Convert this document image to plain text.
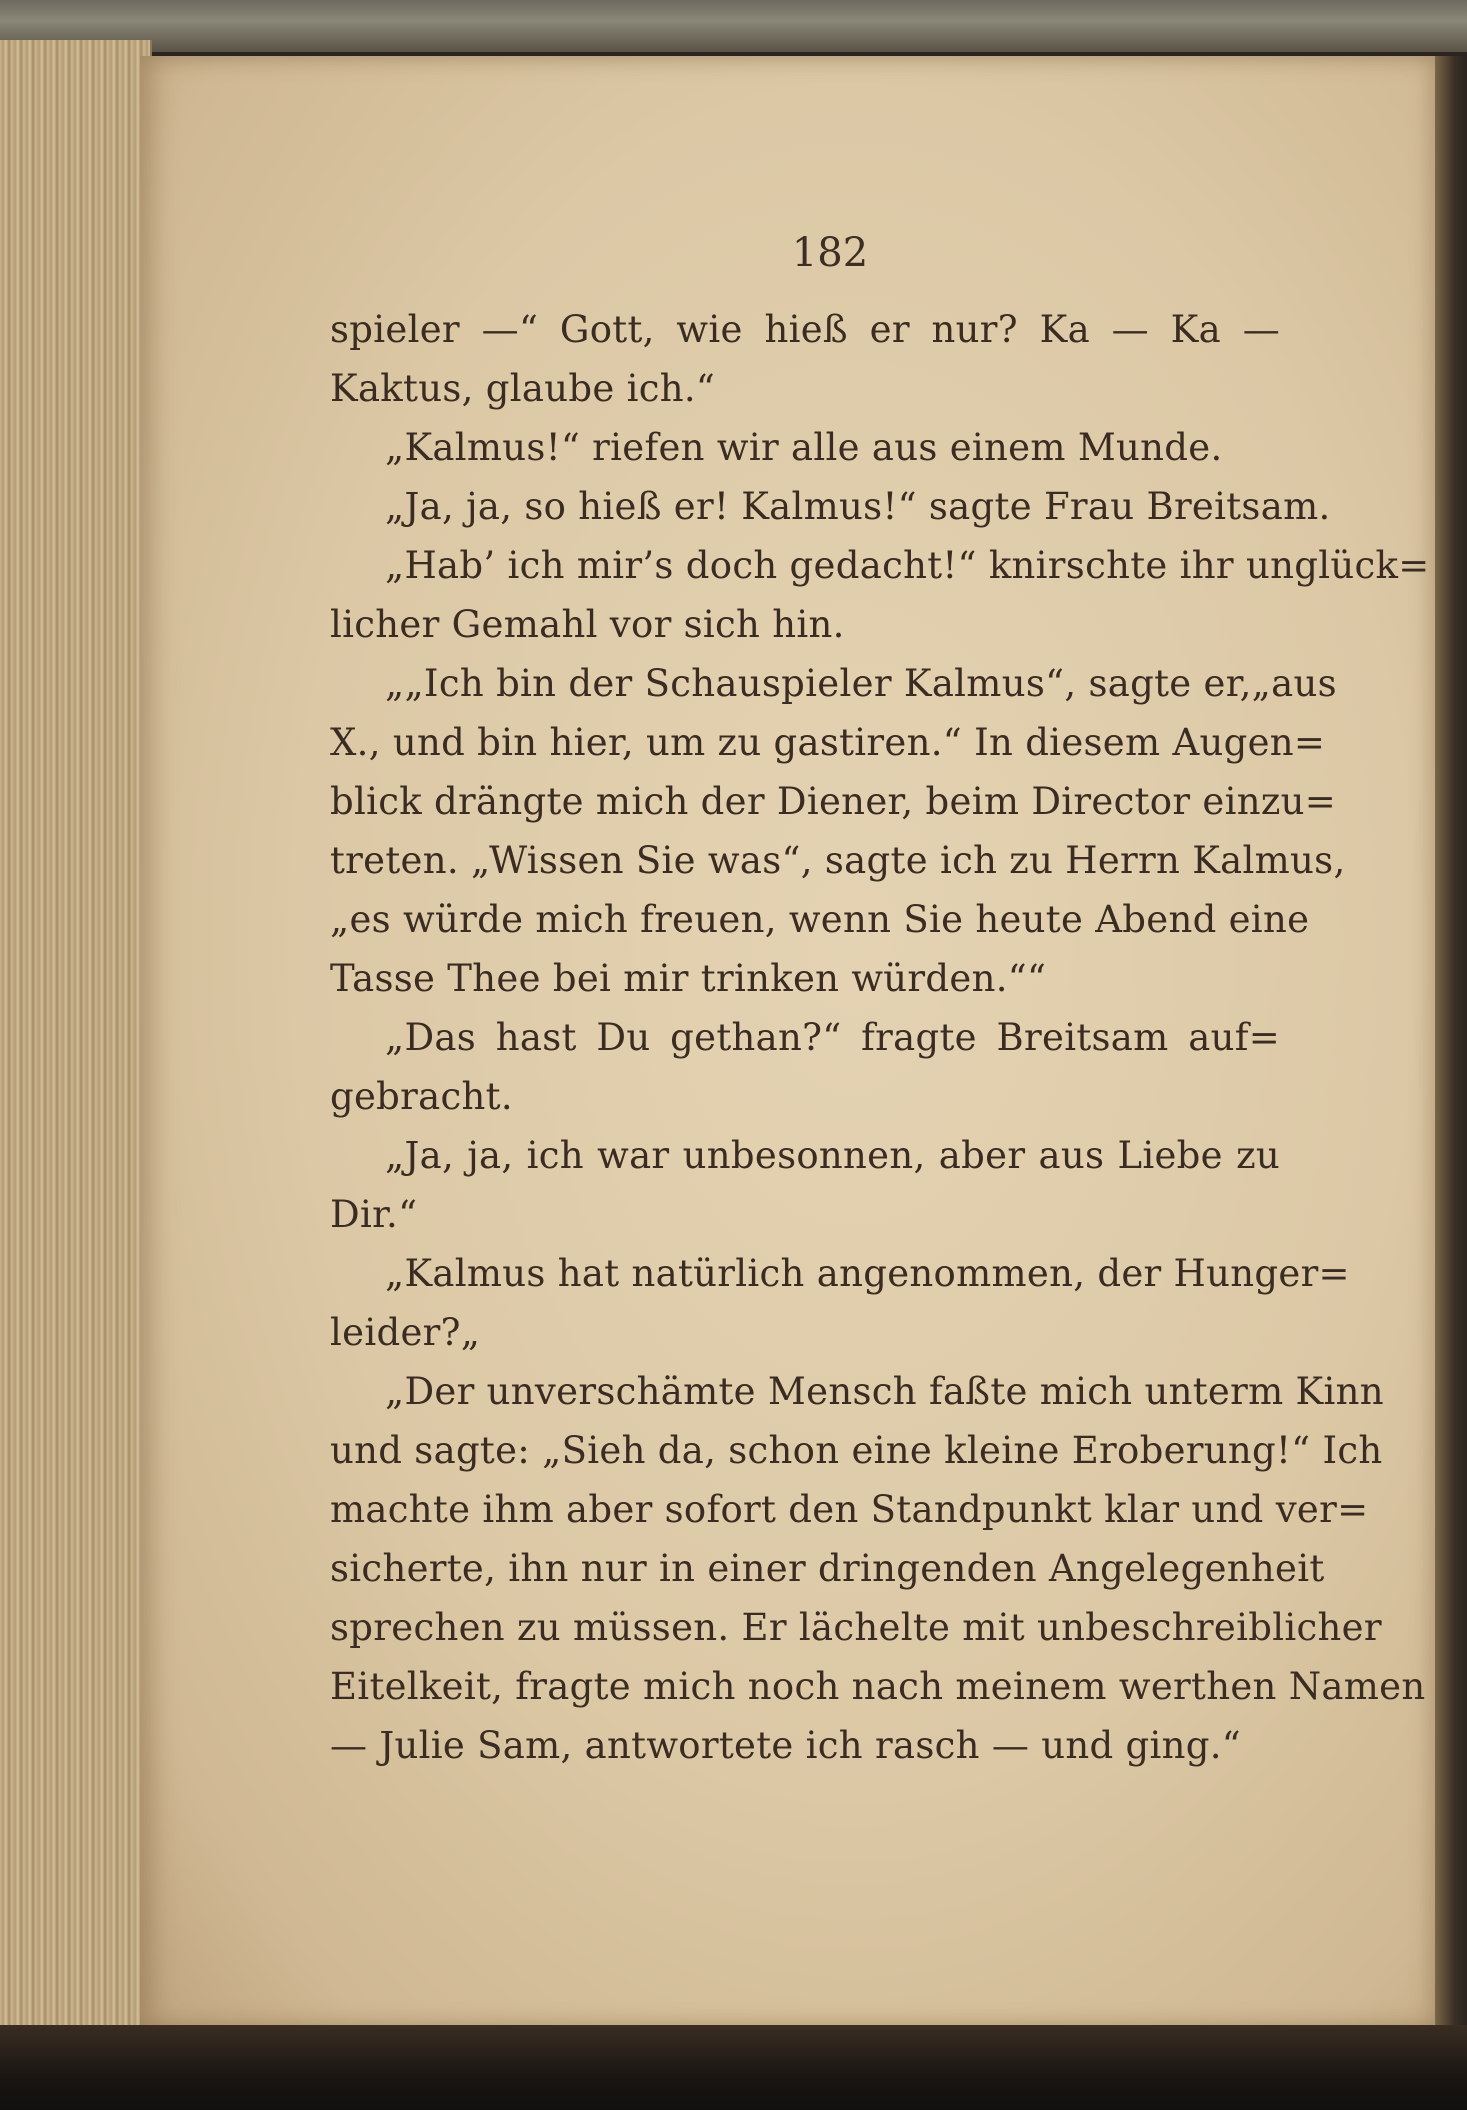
182
spieler —“ Gott, wie hieß er nur? Ka — Ka —
Kaktus, glaube ich.“
„Kalmus!“ riefen wir alle aus einem Munde.
„Ja, ja, so hieß er! Kalmus!“ sagte Frau Breitsam.
„Hab’ ich mir’s doch gedacht!“ knirschte ihr unglück=
licher Gemahl vor sich hin.
„„Ich bin der Schauspieler Kalmus“, sagte er,„aus
X., und bin hier, um zu gastiren.“ In diesem Augen=
blick drängte mich der Diener, beim Director einzu=
treten. „Wissen Sie was“, sagte ich zu Herrn Kalmus,
„es würde mich freuen, wenn Sie heute Abend eine
Tasse Thee bei mir trinken würden.““
„Das hast Du gethan?“ fragte Breitsam auf=
gebracht.
„Ja, ja, ich war unbesonnen, aber aus Liebe zu
Dir.“
„Kalmus hat natürlich angenommen, der Hunger=
leider?„
„Der unverschämte Mensch faßte mich unterm Kinn
und sagte: „Sieh da, schon eine kleine Eroberung!“ Ich
machte ihm aber sofort den Standpunkt klar und ver=
sicherte, ihn nur in einer dringenden Angelegenheit
sprechen zu müssen. Er lächelte mit unbeschreiblicher
Eitelkeit, fragte mich noch nach meinem werthen Namen
— Julie Sam, antwortete ich rasch — und ging.“
